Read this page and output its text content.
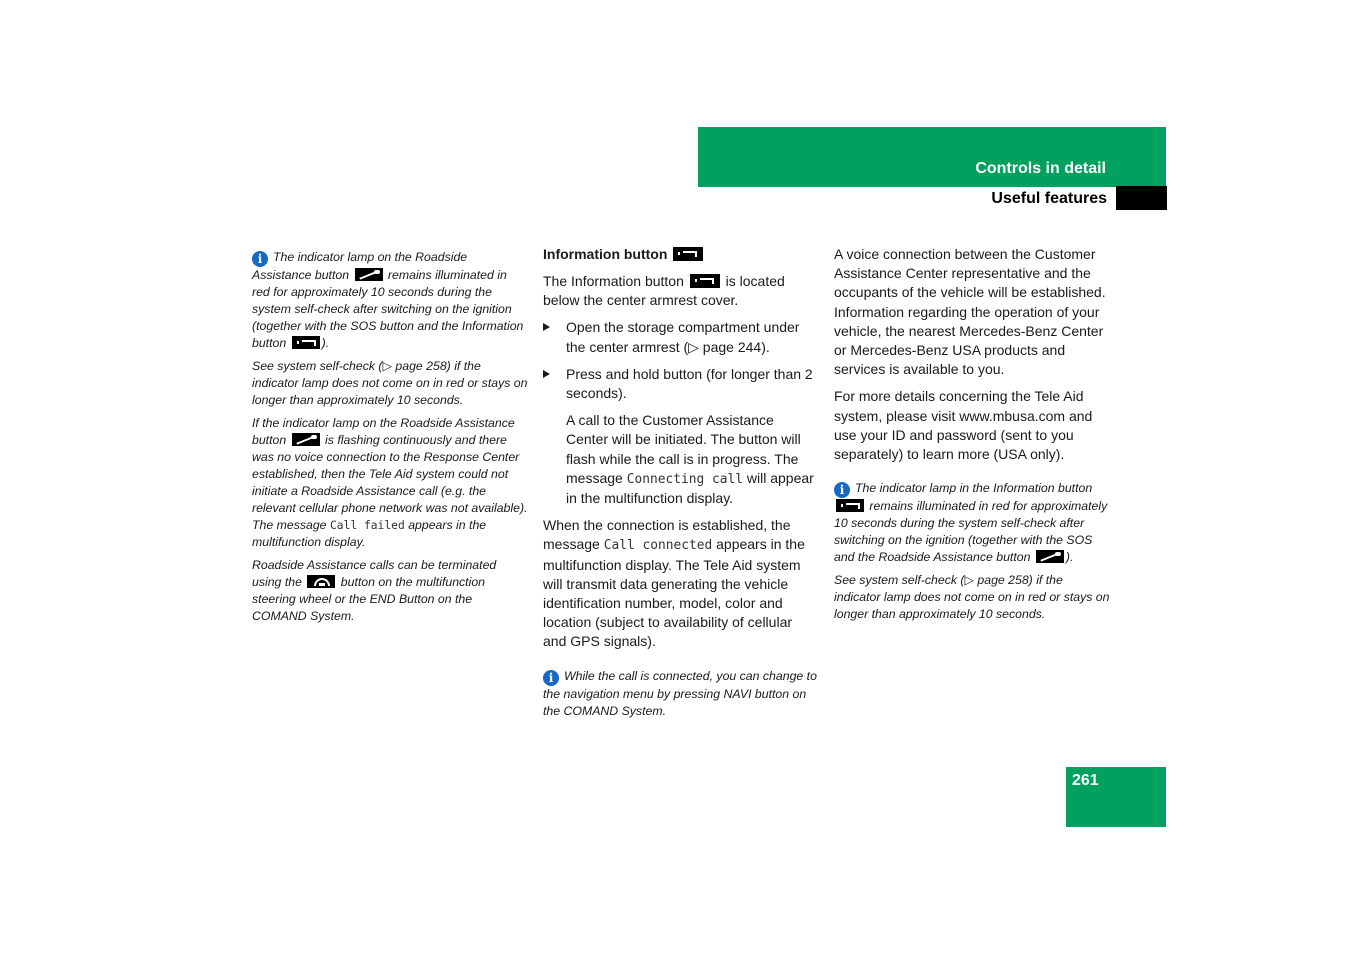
Controls in detail
Useful features

i The indicator lamp on the Roadside Assistance button	remains illuminated in red for approximately 10 seconds during the system self-check after switching on the ignition (together with the SOS button and the Information button	).

See system self-check (▷ page 258) if the indicator lamp does not come on in red or stays on longer than approximately 10 seconds.

If the indicator lamp on the Roadside Assistance button	is flashing continuously and there was no voice connection to the Response Center established, then the Tele Aid system could not initiate a Roadside Assistance call (e.g. the relevant cellular phone network was not available). The message Call failed appears in the multifunction display.

Roadside Assistance calls can be terminated using the	button on the multifunction steering wheel or the END Button on the COMAND System.

Information button

The Information button	is located below the center armrest cover.

Open the storage compartment under the center armrest (▷ page 244).
Press and hold button (for longer than 2 seconds).

A call to the Customer Assistance Center will be initiated. The button will flash while the call is in progress. The message Connecting call will appear in the multifunction display.

When the connection is established, the message Call connected appears in the multifunction display. The Tele Aid system will transmit data generating the vehicle identification number, model, color and location (subject to availability of cellular and GPS signals).

i While the call is connected, you can change to the navigation menu by pressing NAVI button on the COMAND System.

A voice connection between the Customer Assistance Center representative and the occupants of the vehicle will be established. Information regarding the operation of your vehicle, the nearest Mercedes-Benz Center or Mercedes-Benz USA products and services is available to you.

For more details concerning the Tele Aid system, please visit www.mbusa.com and use your ID and password (sent to you separately) to learn more (USA only).

i The indicator lamp in the Information button  remains illuminated in red for approximately 10 seconds during the system self-check after switching on the ignition (together with the SOS and the Roadside Assistance button	).

See system self-check (▷ page 258) if the indicator lamp does not come on in red or stays on longer than approximately 10 seconds.

261
